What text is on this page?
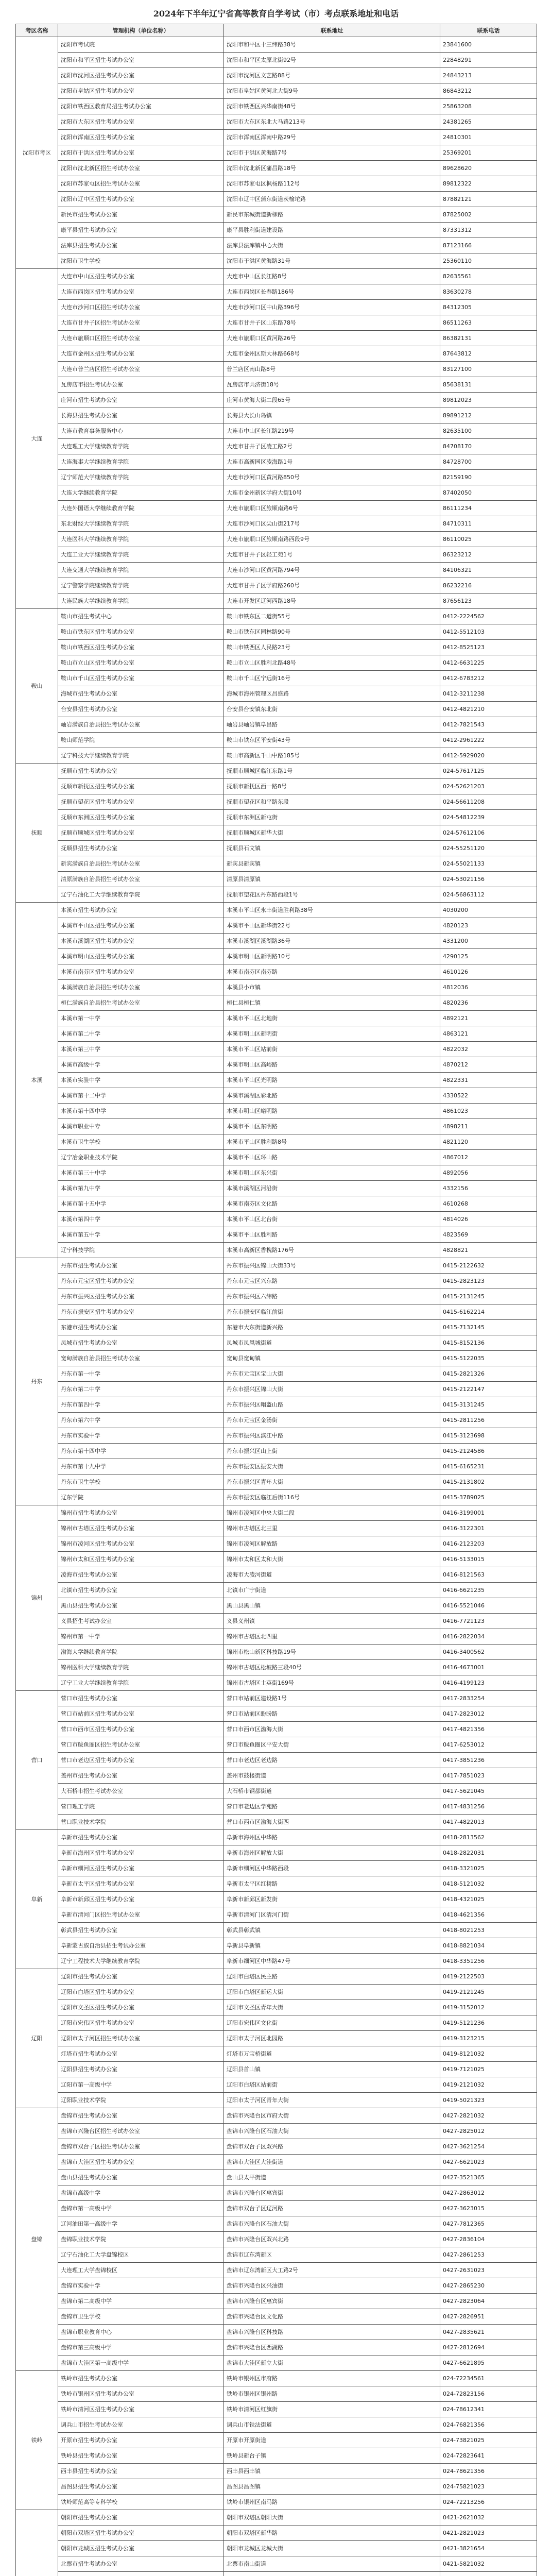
2024年下半年辽宁省高等教育自学考试（市）考点联系地址和电话
考区名称	管理机构（单位名称）	联系地址	联系电话
沈阳市考区	沈阳市考试院	沈阳市和平区十三纬路38号	23841600
	沈阳市和平区招生考试办公室	沈阳市和平区太原北街92号	22848291
	沈阳市沈河区招生考试办公室	沈阳市沈河区文艺路88号	24843213
	沈阳市皇姑区招生考试办公室	沈阳市皇姑区黄河北大街9号	86843212
	沈阳市铁西区教育局招生考试办公室	沈阳市铁西区兴华南街48号	25863208
	沈阳市大东区招生考试办公室	沈阳市大东区东北大马路213号	24381265
	沈阳市浑南区招生考试办公室	沈阳市浑南区浑南中路29号	24810301
	沈阳市于洪区招生考试办公室	沈阳市于洪区黄海路7号	25369201
	沈阳市沈北新区招生考试办公室	沈阳市沈北新区蒲昌路18号	89628620
	沈阳市苏家屯区招生考试办公室	沈阳市苏家屯区枫杨路112号	89812322
	沈阳市辽中区招生考试办公室	沈阳市辽中区蒲东街道茨榆坨路	87882121
	新民市招生考试办公室	新民市东城街道新柳路	87825002
	康平县招生考试办公室	康平县胜利街道建设路	87331312
	法库县招生考试办公室	法库县法库镇中心大街	87123166
	沈阳市卫生学校	沈阳市于洪区黄海路31号	25360110
大连	大连市中山区招生考试办公室	大连市中山区长江路8号	82635561
	大连市西岗区招生考试办公室	大连市西岗区长春路186号	83630278
	大连市沙河口区招生考试办公室	大连市沙河口区中山路396号	84312305
	大连市甘井子区招生考试办公室	大连市甘井子区山东路78号	86511263
	大连市旅顺口区招生考试办公室	大连市旅顺口区黄河路26号	86382131
	大连市金州区招生考试办公室	大连市金州区斯大林路668号	87643812
	大连市普兰店区招生考试办公室	普兰店区南山路8号	83127100
	瓦房店市招生考试办公室	瓦房店市共济街18号	85638131
	庄河市招生考试办公室	庄河市黄海大街二段65号	89812023
	长海县招生考试办公室	长海县大长山岛镇	89891212
	大连市教育事务服务中心	大连市中山区长江路219号	82635100
	大连理工大学继续教育学院	大连市甘井子区凌工路2号	84708170
	大连海事大学继续教育学院	大连市高新园区凌海路1号	84728700
	辽宁师范大学继续教育学院	大连市沙河口区黄河路850号	82159190
	大连大学继续教育学院	大连市金州新区学府大街10号	87402050
	大连外国语大学继续教育学院	大连市旅顺口区旅顺南路6号	86111234
	东北财经大学继续教育学院	大连市沙河口区尖山街217号	84710311
	大连医科大学继续教育学院	大连市旅顺口区旅顺南路西段9号	86110025
	大连工业大学继续教育学院	大连市甘井子区轻工苑1号	86323212
	大连交通大学继续教育学院	大连市沙河口区黄河路794号	84106321
	辽宁警察学院继续教育学院	大连市甘井子区学府路260号	86232216
	大连民族大学继续教育学院	大连市开发区辽河西路18号	87656123
鞍山	鞍山市招生考试中心	鞍山市铁东区二道街55号	0412-2224562
	鞍山市铁东区招生考试办公室	鞍山市铁东区园林路90号	0412-5512103
	鞍山市铁西区招生考试办公室	鞍山市铁西区人民路23号	0412-8525123
	鞍山市立山区招生考试办公室	鞍山市立山区胜利北路48号	0412-6631225
	鞍山市千山区招生考试办公室	鞍山市千山区宁远街16号	0412-6783212
	海城市招生考试办公室	海城市海州管理区昌盛路	0412-3211238
	台安县招生考试办公室	台安县台安镇东北街	0412-4821210
	岫岩满族自治县招生考试办公室	岫岩县岫岩镇阜昌路	0412-7821543
	鞍山师范学院	鞍山市铁东区平安街43号	0412-2961222
	辽宁科技大学继续教育学院	鞍山市高新区千山中路185号	0412-5929020
抚顺	抚顺市招生考试办公室	抚顺市顺城区临江东路1号	024-57617125
	抚顺市新抚区招生考试办公室	抚顺市新抚区西一路8号	024-52621203
	抚顺市望花区招生考试办公室	抚顺市望花区和平路东段	024-56611208
	抚顺市东洲区招生考试办公室	抚顺市东洲区新屯街	024-54812239
	抚顺市顺城区招生考试办公室	抚顺市顺城区新华大街	024-57612106
	抚顺县招生考试办公室	抚顺县石文镇	024-55251120
	新宾满族自治县招生考试办公室	新宾县新宾镇	024-55021133
	清原满族自治县招生考试办公室	清原县清原镇	024-53021156
	辽宁石油化工大学继续教育学院	抚顺市望花区丹东路西段1号	024-56863112
本溪	本溪市招生考试办公室	本溪市平山区永丰街道胜利路38号	4030200
	本溪市平山区招生考试办公室	本溪市平山区新华街22号	4820123
	本溪市溪湖区招生考试办公室	本溪市溪湖区溪湖路36号	4331200
	本溪市明山区招生考试办公室	本溪市明山区新明路10号	4290125
	本溪市南芬区招生考试办公室	本溪市南芬区南芬路	4610126
	本溪满族自治县招生考试办公室	本溪县小市镇	4812036
	桓仁满族自治县招生考试办公室	桓仁县桓仁镇	4820236
	本溪市第一中学	本溪市平山区北地街	4892121
	本溪市第二中学	本溪市明山区新明街	4863121
	本溪市第三中学	本溪市平山区站前街	4822032
	本溪市高级中学	本溪市明山区高峪路	4870212
	本溪市实验中学	本溪市平山区光明路	4822331
	本溪市第十二中学	本溪市溪湖区彩北路	4330522
	本溪市第十四中学	本溪市明山区峪明路	4861023
	本溪市职业中专	本溪市平山区东明路	4898211
	本溪市卫生学校	本溪市平山区胜利路8号	4821120
	辽宁冶金职业技术学院	本溪市平山区环山路	4867012
	本溪市第三十中学	本溪市明山区东兴街	4892056
	本溪市第九中学	本溪市溪湖区河沿街	4332156
	本溪市第十五中学	本溪市南芬区文化路	4610268
	本溪市第四中学	本溪市平山区北台街	4814026
	本溪市第五中学	本溪市平山区胜利路	4823569
	辽宁科技学院	本溪市高新区香槐路176号	4828821
丹东	丹东市招生考试办公室	丹东市振兴区锦山大街33号	0415-2122632
	丹东市元宝区招生考试办公室	丹东市元宝区兴东路	0415-2823123
	丹东市振兴区招生考试办公室	丹东市振兴区六纬路	0415-2131245
	丹东市振安区招生考试办公室	丹东市振安区临江前街	0415-6162214
	东港市招生考试办公室	东港市大东街道新兴路	0415-7132145
	凤城市招生考试办公室	凤城市凤凰城街道	0415-8152136
	宽甸满族自治县招生考试办公室	宽甸县宽甸镇	0415-5122035
	丹东市第一中学	丹东市元宝区宝山大街	0415-2821326
	丹东市第二中学	丹东市振兴区锦山大街	0415-2122147
	丹东市第四中学	丹东市振兴区帽盔山路	0415-3131245
	丹东市第六中学	丹东市元宝区金汤街	0415-2811256
	丹东市实验中学	丹东市振兴区滨江中路	0415-3123698
	丹东市第十四中学	丹东市振兴区山上街	0415-2124586
	丹东市第十九中学	丹东市振安区振安大街	0415-6165231
	丹东市卫生学校	丹东市振兴区青年大街	0415-2131802
	辽东学院	丹东市振安区临江后街116号	0415-3789025
锦州	锦州市招生考试办公室	锦州市凌河区中央大街二段	0416-3199001
	锦州市古塔区招生考试办公室	锦州市古塔区北三里	0416-3122301
	锦州市凌河区招生考试办公室	锦州市凌河区解放路	0416-2123203
	锦州市太和区招生考试办公室	锦州市太和区太和大街	0416-5133015
	凌海市招生考试办公室	凌海市大凌河街道	0416-8121563
	北镇市招生考试办公室	北镇市广宁街道	0416-6621235
	黑山县招生考试办公室	黑山县黑山镇	0416-5521046
	义县招生考试办公室	义县义州镇	0416-7721123
	锦州市第一中学	锦州市古塔区北四里	0416-2822034
	渤海大学继续教育学院	锦州市松山新区科技路19号	0416-3400562
	锦州医科大学继续教育学院	锦州市古塔区松坡路三段40号	0416-4673001
	辽宁工业大学继续教育学院	锦州市古塔区士英街169号	0416-4199123
营口	营口市招生考试办公室	营口市站前区建设路1号	0417-2833254
	营口市站前区招生考试办公室	营口市站前区盼盼路	0417-2823012
	营口市西市区招生考试办公室	营口市西市区渤海大街	0417-4821356
	营口市鲅鱼圈区招生考试办公室	营口市鲅鱼圈区平安大街	0417-6253012
	营口市老边区招生考试办公室	营口市老边区老边路	0417-3851236
	盖州市招生考试办公室	盖州市鼓楼街道	0417-7851023
	大石桥市招生考试办公室	大石桥市钢都街道	0417-5621045
	营口理工学院	营口市老边区学苑路	0417-4831256
	营口职业技术学院	营口市西市区渤海大街西	0417-4822013
阜新	阜新市招生考试办公室	阜新市海州区中华路	0418-2813562
	阜新市海州区招生考试办公室	阜新市海州区解放大街	0418-2822031
	阜新市细河区招生考试办公室	阜新市细河区中华路西段	0418-3321025
	阜新市太平区招生考试办公室	阜新市太平区红树路	0418-5121032
	阜新市新邱区招生考试办公室	阜新市新邱区新发街	0418-4321025
	阜新市清河门区招生考试办公室	阜新市清河门区清河门街	0418-4621356
	彰武县招生考试办公室	彰武县彰武镇	0418-8021253
	阜新蒙古族自治县招生考试办公室	阜新县阜新镇	0418-8821034
	辽宁工程技术大学继续教育学院	阜新市细河区中华路47号	0418-3351256
辽阳	辽阳市招生考试办公室	辽阳市白塔区民主路	0419-2122503
	辽阳市白塔区招生考试办公室	辽阳市白塔区新运大街	0419-2121245
	辽阳市文圣区招生考试办公室	辽阳市文圣区青年大街	0419-3152012
	辽阳市宏伟区招生考试办公室	辽阳市宏伟区文化街	0419-5121236
	辽阳市太子河区招生考试办公室	辽阳市太子河区北园路	0419-3123215
	灯塔市招生考试办公室	灯塔市万宝桥街道	0419-8121032
	辽阳县招生考试办公室	辽阳县首山镇	0419-7121025
	辽阳市第一高级中学	辽阳市白塔区站前街	0419-2121032
	辽阳职业技术学院	辽阳市太子河区青年大街	0419-5021323
盘锦	盘锦市招生考试办公室	盘锦市兴隆台区市府大街	0427-2821032
	盘锦市兴隆台区招生考试办公室	盘锦市兴隆台区石油大街	0427-2825012
	盘锦市双台子区招生考试办公室	盘锦市双台子区双兴路	0427-3621254
	盘锦市大洼区招生考试办公室	盘锦市大洼区大洼街道	0427-6621023
	盘山县招生考试办公室	盘山县太平街道	0427-3521365
	盘锦市高级中学	盘锦市兴隆台区惠宾街	0427-2863012
	盘锦市第一高级中学	盘锦市双台子区辽河路	0427-3623015
	辽河油田第一高级中学	盘锦市兴隆台区石油大街	0427-7812365
	盘锦职业技术学院	盘锦市兴隆台区双兴北路	0427-2836104
	辽宁石油化工大学盘锦校区	盘锦市辽东湾新区	0427-2861253
	大连理工大学盘锦校区	盘锦市辽东湾新区大工路2号	0427-2631023
	盘锦市实验中学	盘锦市兴隆台区兴油街	0427-2865230
	盘锦市第二高级中学	盘锦市兴隆台区惠宾街	0427-2823064
	盘锦市卫生学校	盘锦市兴隆台区文化路	0427-2826951
	盘锦市职业教育中心	盘锦市兴隆台区科技路	0427-2835621
	盘锦市第三高级中学	盘锦市兴隆台区西湖路	0427-2812694
	盘锦市大洼区第一高级中学	盘锦市大洼区新立大街	0427-6621895
铁岭	铁岭市招生考试办公室	铁岭市银州区市府路	024-72234561
	铁岭市银州区招生考试办公室	铁岭市银州区银州路	024-72823156
	铁岭市清河区招生考试办公室	铁岭市清河区红旗街	024-78612341
	调兵山市招生考试办公室	调兵山市铁法街道	024-76821356
	开原市招生考试办公室	开原市开原街道	024-73821025
	铁岭县招生考试办公室	铁岭县新台子镇	024-72823641
	西丰县招生考试办公室	西丰县西丰镇	024-78621356
	昌图县招生考试办公室	昌图县昌图镇	024-75821023
	铁岭师范高等专科学校	铁岭市银州区南马路	024-72213256
	朝阳市招生考试办公室	朝阳市双塔区朝阳大街	0421-2621032
	朝阳市双塔区招生考试办公室	朝阳市双塔区新华路	0421-2821023
	朝阳市龙城区招生考试办公室	朝阳市龙城区龙城大街	0421-3821654
	北票市招生考试办公室	北票市南山街道	0421-5821032
